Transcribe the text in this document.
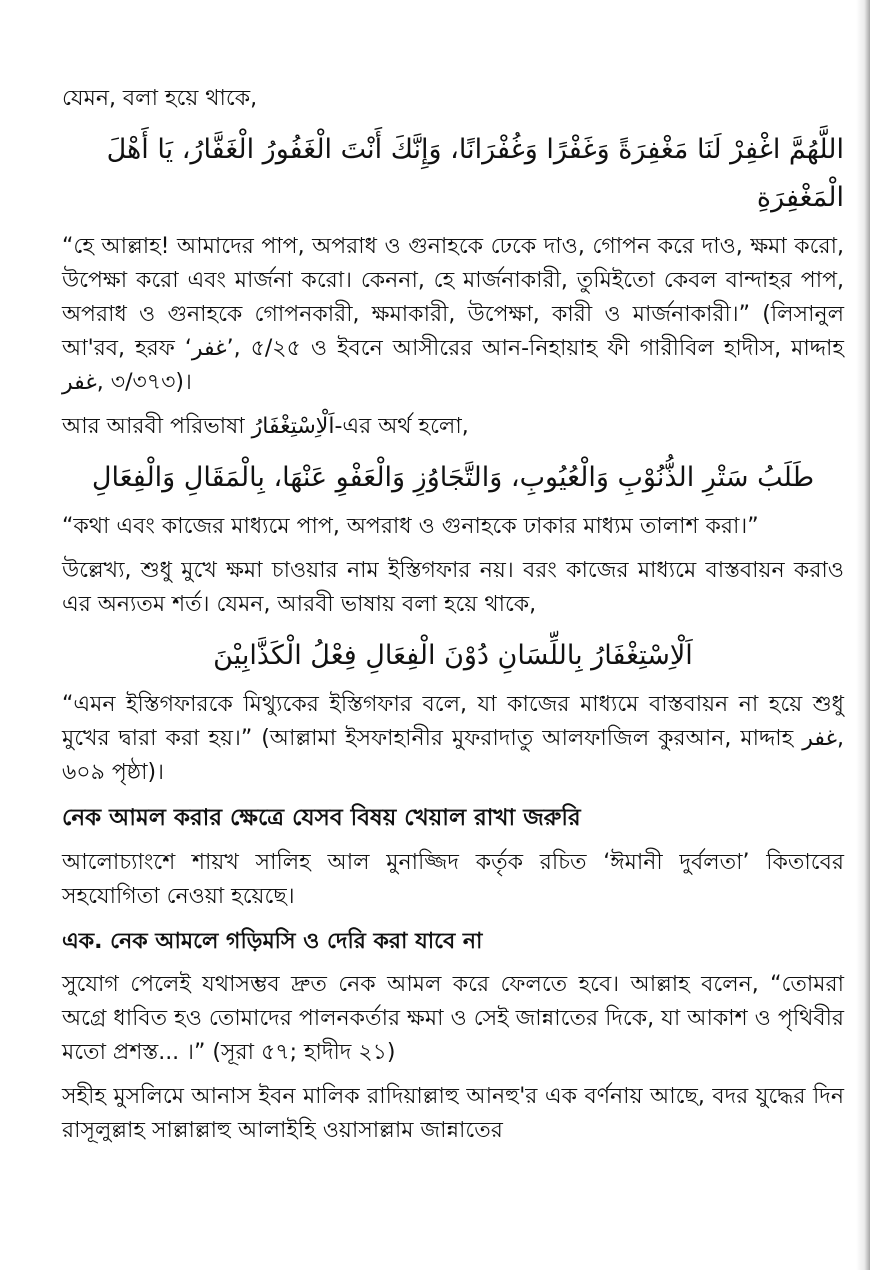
যেমন, বলা হয়ে থাকে,

اللَّهُمَّ اغْفِرْ لَنَا مَغْفِرَةً وَغَفْرًا وَغُفْرَانًا، وَإِنَّكَ أَنْتَ الْغَفُورُ الْغَفَّارُ، يَا أَهْلَ الْمَغْفِرَةِ

“হে আল্লাহ! আমাদের পাপ, অপরাধ ও গুনাহকে ঢেকে দাও, গোপন করে দাও, ক্ষমা করো, উপেক্ষা করো এবং মার্জনা করো। কেননা, হে মার্জনাকারী, তুমিইতো কেবল বান্দাহর পাপ, অপরাধ ও গুনাহকে গোপনকারী, ক্ষমাকারী, উপেক্ষা, কারী ও মার্জনাকারী।” (লিসানুল আ'রব, হরফ ‘غفر’, ৫/২৫ ও ইবনে আসীরের আন-নিহায়াহ ফী গারীবিল হাদীস, মাদ্দাহ غفر, ৩/৩৭৩)।

আর আরবী পরিভাষা اَلْاِسْتِغْفَارُ-এর অর্থ হলো,

طَلَبُ سَتْرِ الذُّنُوْبِ وَالْعُيُوبِ، وَالتَّجَاوُزِ وَالْعَفْوِ عَنْهَا، بِالْمَقَالِ وَالْفِعَالِ

“কথা এবং কাজের মাধ্যমে পাপ, অপরাধ ও গুনাহকে ঢাকার মাধ্যম তালাশ করা।”

উল্লেখ্য, শুধু মুখে ক্ষমা চাওয়ার নাম ইস্তিগফার নয়। বরং কাজের মাধ্যমে বাস্তবায়ন করাও এর অন্যতম শর্ত। যেমন, আরবী ভাষায় বলা হয়ে থাকে,

اَلْاِسْتِغْفَارُ بِاللِّسَانِ دُوْنَ الْفِعَالِ فِعْلُ الْكَذَّابِيْنَ

“এমন ইস্তিগফারকে মিথ্যুকের ইস্তিগফার বলে, যা কাজের মাধ্যমে বাস্তবায়ন না হয়ে শুধু মুখের দ্বারা করা হয়।” (আল্লামা ইসফাহানীর মুফরাদাতু আলফাজিল কুরআন, মাদ্দাহ غفر, ৬০৯ পৃষ্ঠা)।

নেক আমল করার ক্ষেত্রে যেসব বিষয় খেয়াল রাখা জরুরি

আলোচ্যাংশে শায়খ সালিহ আল মুনাজ্জিদ কর্তৃক রচিত ‘ঈমানী দুর্বলতা’ কিতাবের সহযোগিতা নেওয়া হয়েছে।

এক. নেক আমলে গড়িমসি ও দেরি করা যাবে না

সুযোগ পেলেই যথাসম্ভব দ্রুত নেক আমল করে ফেলতে হবে। আল্লাহ বলেন, “তোমরা অগ্রে ধাবিত হও তোমাদের পালনকর্তার ক্ষমা ও সেই জান্নাতের দিকে, যা আকাশ ও পৃথিবীর মতো প্রশস্ত... ।” (সূরা ৫৭; হাদীদ ২১)

সহীহ মুসলিমে আনাস ইবন মালিক রাদিয়াল্লাহু আনহু'র এক বর্ণনায় আছে, বদর যুদ্ধের দিন রাসূলুল্লাহ সাল্লাল্লাহু আলাইহি ওয়াসাল্লাম জান্নাতের
